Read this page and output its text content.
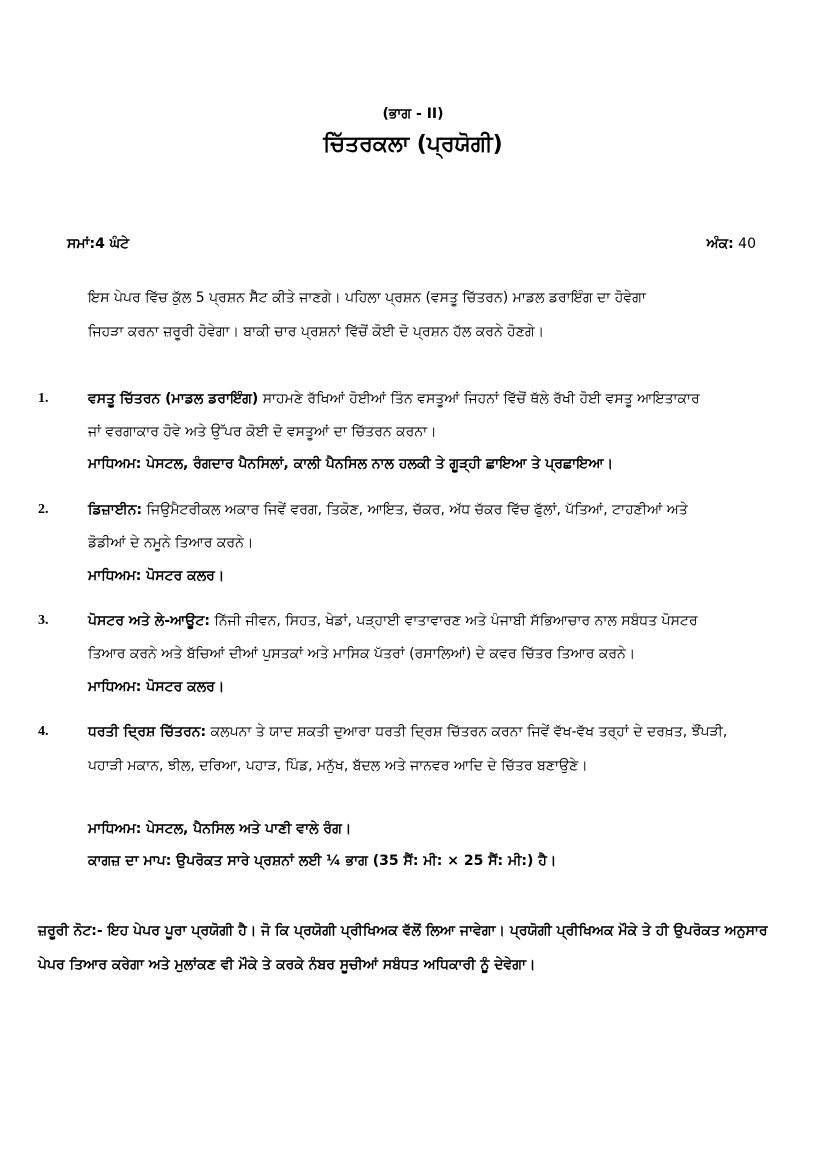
(ਭਾਗ - II)
ਚਿੱਤਰਕਲਾ (ਪ੍ਰਯੋਗੀ)
ਸਮਾਂ:4 ਘੰਟੇ	ਅੰਕ: 40
ਇਸ ਪੇਪਰ ਵਿੱਚ ਕੁੱਲ 5 ਪ੍ਰਸ਼ਨ ਸੈੱਟ ਕੀਤੇ ਜਾਣਗੇ। ਪਹਿਲਾ ਪ੍ਰਸ਼ਨ (ਵਸਤੂ ਚਿੱਤਰਨ) ਮਾਡਲ ਡਰਾਇੰਗ ਦਾ ਹੋਵੇਗਾ
ਜਿਹੜਾ ਕਰਨਾ ਜ਼ਰੂਰੀ ਹੋਵੇਗਾ। ਬਾਕੀ ਚਾਰ ਪ੍ਰਸ਼ਨਾਂ ਵਿੱਚੋਂ ਕੋਈ ਦੋ ਪ੍ਰਸ਼ਨ ਹੱਲ ਕਰਨੇ ਹੋਣਗੇ।
1.	ਵਸਤੂ ਚਿੱਤਰਨ (ਮਾਡਲ ਡਰਾਇੰਗ) ਸਾਹਮਣੇ ਰੱਖਿਆਂ ਹੋਈਆਂ ਤਿੰਨ ਵਸਤੂਆਂ ਜਿਹਨਾਂ ਵਿੱਚੋਂ ਥੱਲੇ ਰੱਖੀ ਹੋਈ ਵਸਤੂ ਆਇਤਾਕਾਰ
ਜਾਂ ਵਰਗਾਕਾਰ ਹੋਵੇ ਅਤੇ ਉੱਪਰ ਕੋਈ ਦੋ ਵਸਤੂਆਂ ਦਾ ਚਿੱਤਰਨ ਕਰਨਾ।
ਮਾਧਿਅਮ: ਪੇਸਟਲ, ਰੰਗਦਾਰ ਪੈਨਸਿਲਾਂ, ਕਾਲੀ ਪੈਨਸਿਲ ਨਾਲ ਹਲਕੀ ਤੇ ਗੂੜ੍ਹੀ ਛਾਇਆ ਤੇ ਪ੍ਰਛਾਇਆ।
2.	ਡਿਜ਼ਾਈਨ: ਜਿਉਮੈਟਰੀਕਲ ਅਕਾਰ ਜਿਵੇਂ ਵਰਗ, ਤਿਕੋਣ, ਆਇਤ, ਚੱਕਰ, ਅੱਧ ਚੱਕਰ ਵਿੱਚ ਫੁੱਲਾਂ, ਪੱਤਿਆਂ, ਟਾਹਣੀਆਂ ਅਤੇ
ਡੋਡੀਆਂ ਦੇ ਨਮੂਨੇ ਤਿਆਰ ਕਰਨੇ।
ਮਾਧਿਅਮ: ਪੋਸਟਰ ਕਲਰ।
3.	ਪੋਸਟਰ ਅਤੇ ਲੇ-ਆਊਟ: ਨਿੱਜੀ ਜੀਵਨ, ਸਿਹਤ, ਖੇਡਾਂ, ਪੜ੍ਹਾਈ ਵਾਤਾਵਾਰਣ ਅਤੇ ਪੰਜਾਬੀ ਸੱਭਿਆਚਾਰ ਨਾਲ ਸਬੰਧਤ ਪੋਸਟਰ
ਤਿਆਰ ਕਰਨੇ ਅਤੇ ਬੱਚਿਆਂ ਦੀਆਂ ਪੁਸਤਕਾਂ ਅਤੇ ਮਾਸਿਕ ਪੱਤਰਾਂ (ਰਸਾਲਿਆਂ) ਦੇ ਕਵਰ ਚਿੱਤਰ ਤਿਆਰ ਕਰਨੇ।
ਮਾਧਿਅਮ: ਪੋਸਟਰ ਕਲਰ।
4.	ਧਰਤੀ ਦ੍ਰਿਸ਼ ਚਿੱਤਰਨ: ਕਲਪਨਾ ਤੇ ਯਾਦ ਸ਼ਕਤੀ ਦੁਆਰਾ ਧਰਤੀ ਦ੍ਰਿਸ਼ ਚਿੱਤਰਨ ਕਰਨਾ ਜਿਵੇਂ ਵੱਖ-ਵੱਖ ਤਰ੍ਹਾਂ ਦੇ ਦਰਖ਼ਤ, ਝੌਂਪੜੀ,
ਪਹਾੜੀ ਮਕਾਨ, ਝੀਲ, ਦਰਿਆ, ਪਹਾੜ, ਪਿੰਡ, ਮਨੁੱਖ, ਬੱਦਲ ਅਤੇ ਜਾਨਵਰ ਆਦਿ ਦੇ ਚਿੱਤਰ ਬਣਾਉਣੇ।
ਮਾਧਿਅਮ: ਪੇਸਟਲ, ਪੈਨਸਿਲ ਅਤੇ ਪਾਣੀ ਵਾਲੇ ਰੰਗ।
ਕਾਗਜ਼ ਦਾ ਮਾਪ: ਉਪਰੋਕਤ ਸਾਰੇ ਪ੍ਰਸ਼ਨਾਂ ਲਈ ¼ ਭਾਗ (35 ਸੈਂ: ਮੀ: × 25 ਸੈਂ: ਮੀ:) ਹੈ।
ਜ਼ਰੂਰੀ ਨੋਟ:- ਇਹ ਪੇਪਰ ਪੂਰਾ ਪ੍ਰਯੋਗੀ ਹੈ। ਜੋ ਕਿ ਪ੍ਰਯੋਗੀ ਪ੍ਰੀਖਿਅਕ ਵੱਲੋਂ ਲਿਆ ਜਾਵੇਗਾ। ਪ੍ਰਯੋਗੀ ਪ੍ਰੀਖਿਅਕ ਮੌਕੇ ਤੇ ਹੀ ਉਪਰੋਕਤ ਅਨੁਸਾਰ
ਪੇਪਰ ਤਿਆਰ ਕਰੇਗਾ ਅਤੇ ਮੁਲਾਂਕਣ ਵੀ ਮੌਕੇ ਤੇ ਕਰਕੇ ਨੰਬਰ ਸੂਚੀਆਂ ਸਬੰਧਤ ਅਧਿਕਾਰੀ ਨੂੰ ਦੇਵੇਗਾ।
